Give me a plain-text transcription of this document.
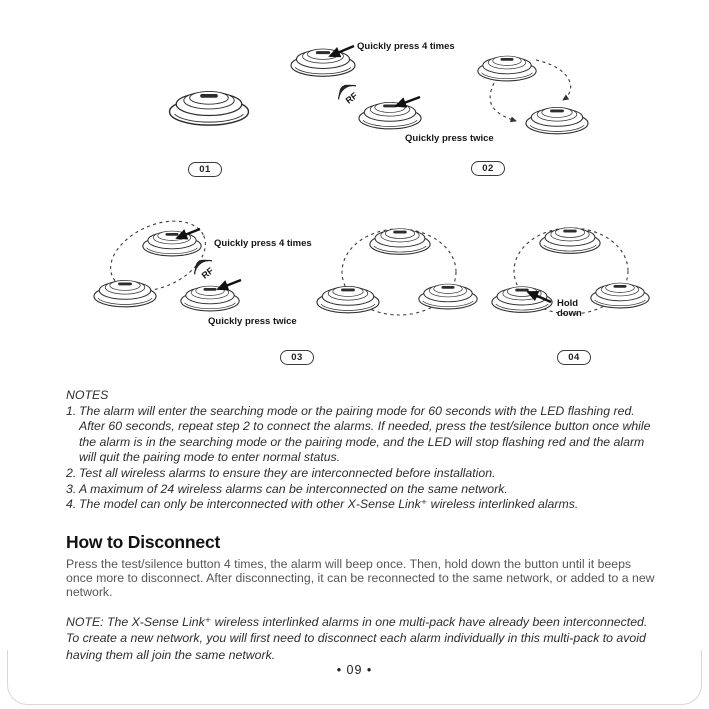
RF
RF
Quickly press 4 times
Quickly press twice
Quickly press 4 times
Quickly press twice
Hold down
01	02
03	04
NOTES
1. The alarm will enter the searching mode or the pairing mode for 60 seconds with the LED flashing red. After 60 seconds, repeat step 2 to connect the alarms. If needed, press the test/silence button once while the alarm is in the searching mode or the pairing mode, and the LED will stop flashing red and the alarm will quit the pairing mode to enter normal status.
2. Test all wireless alarms to ensure they are interconnected before installation.
3. A maximum of 24 wireless alarms can be interconnected on the same network.
4. The model can only be interconnected with other X-Sense Link⁺ wireless interlinked alarms.
How to Disconnect
Press the test/silence button 4 times, the alarm will beep once. Then, hold down the button until it beeps once more to disconnect. After disconnecting, it can be reconnected to the same network, or added to a new network.
NOTE: The X-Sense Link⁺ wireless interlinked alarms in one multi-pack have already been interconnected. To create a new network, you will first need to disconnect each alarm individually in this multi-pack to avoid having them all join the same network.
• 09 •
